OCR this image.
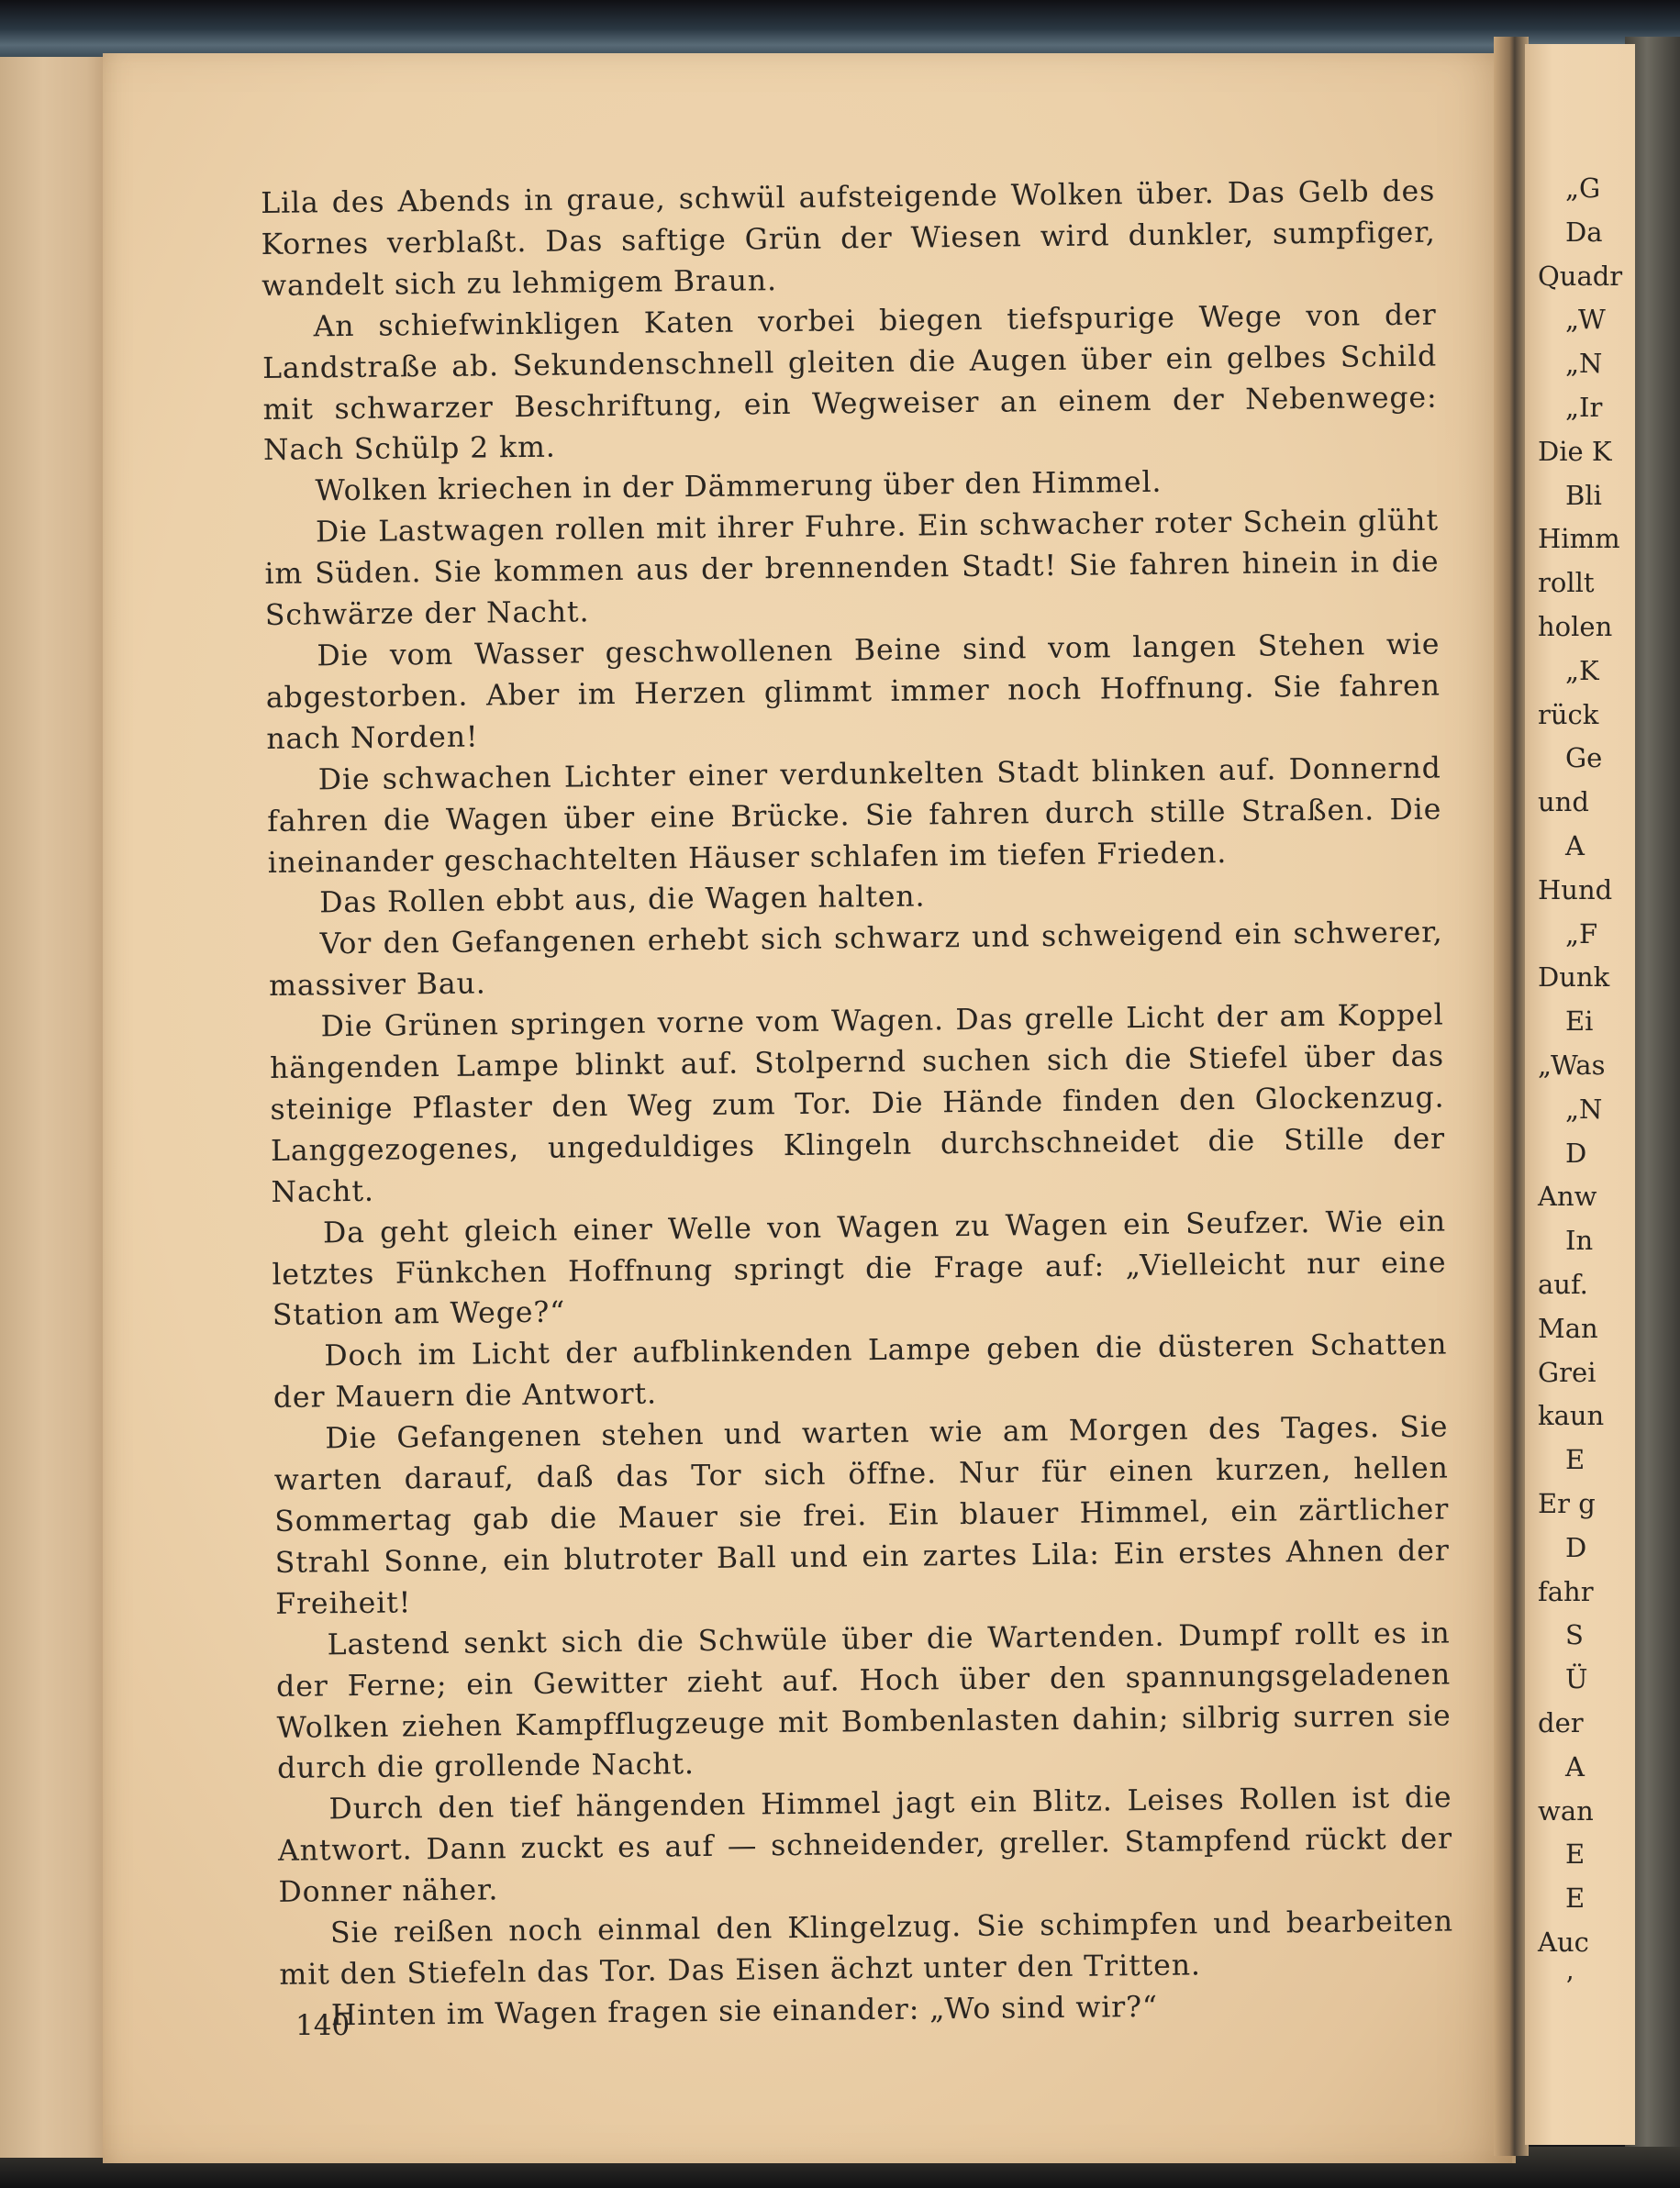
Lila des Abends in graue, schwül aufsteigende Wolken über. Das Gelb des Kornes verblaßt. Das saftige Grün der Wiesen wird dunkler, sumpfiger, wandelt sich zu lehmigem Braun.

An schiefwinkligen Katen vorbei biegen tiefspurige Wege von der Landstraße ab. Sekundenschnell gleiten die Augen über ein gelbes Schild mit schwarzer Beschriftung, ein Wegweiser an einem der Nebenwege: Nach Schülp 2 km.

Wolken kriechen in der Dämmerung über den Himmel.

Die Lastwagen rollen mit ihrer Fuhre. Ein schwacher roter Schein glüht im Süden. Sie kommen aus der brennenden Stadt! Sie fahren hinein in die Schwärze der Nacht.

Die vom Wasser geschwollenen Beine sind vom langen Stehen wie abgestorben. Aber im Herzen glimmt immer noch Hoffnung. Sie fahren nach Norden!

Die schwachen Lichter einer verdunkelten Stadt blinken auf. Donnernd fahren die Wagen über eine Brücke. Sie fahren durch stille Straßen. Die ineinander geschachtelten Häuser schlafen im tiefen Frieden.

Das Rollen ebbt aus, die Wagen halten.

Vor den Gefangenen erhebt sich schwarz und schweigend ein schwerer, massiver Bau.

Die Grünen springen vorne vom Wagen. Das grelle Licht der am Koppel hängenden Lampe blinkt auf. Stolpernd suchen sich die Stiefel über das steinige Pflaster den Weg zum Tor. Die Hände finden den Glockenzug. Langgezogenes, ungeduldiges Klingeln durchschneidet die Stille der Nacht.

Da geht gleich einer Welle von Wagen zu Wagen ein Seufzer. Wie ein letztes Fünkchen Hoffnung springt die Frage auf: „Vielleicht nur eine Station am Wege?“

Doch im Licht der aufblinkenden Lampe geben die düsteren Schatten der Mauern die Antwort.

Die Gefangenen stehen und warten wie am Morgen des Tages. Sie warten darauf, daß das Tor sich öffne. Nur für einen kurzen, hellen Sommertag gab die Mauer sie frei. Ein blauer Himmel, ein zärtlicher Strahl Sonne, ein blutroter Ball und ein zartes Lila: Ein erstes Ahnen der Freiheit!

Lastend senkt sich die Schwüle über die Wartenden. Dumpf rollt es in der Ferne; ein Gewitter zieht auf. Hoch über den spannungsgeladenen Wolken ziehen Kampfflugzeuge mit Bombenlasten dahin; silbrig surren sie durch die grollende Nacht.

Durch den tief hängenden Himmel jagt ein Blitz. Leises Rollen ist die Antwort. Dann zuckt es auf — schneidender, greller. Stampfend rückt der Donner näher.

Sie reißen noch einmal den Klingelzug. Sie schimpfen und bearbeiten mit den Stiefeln das Tor. Das Eisen ächzt unter den Tritten.

Hinten im Wagen fragen sie einander: „Wo sind wir?“

140
„G
Da
Quadr
„W
„N
„Ir
Die K
Bli
Himm
rollt
holen
„K
rück
Ge
und
A
Hund
„F
Dunk
Ei
„Was
„N
D
Anw
In
auf.
Man
Grei
kaun
E
Er g
D
fahr
S
Ü
der
A
wan
E
E
Auc
’
